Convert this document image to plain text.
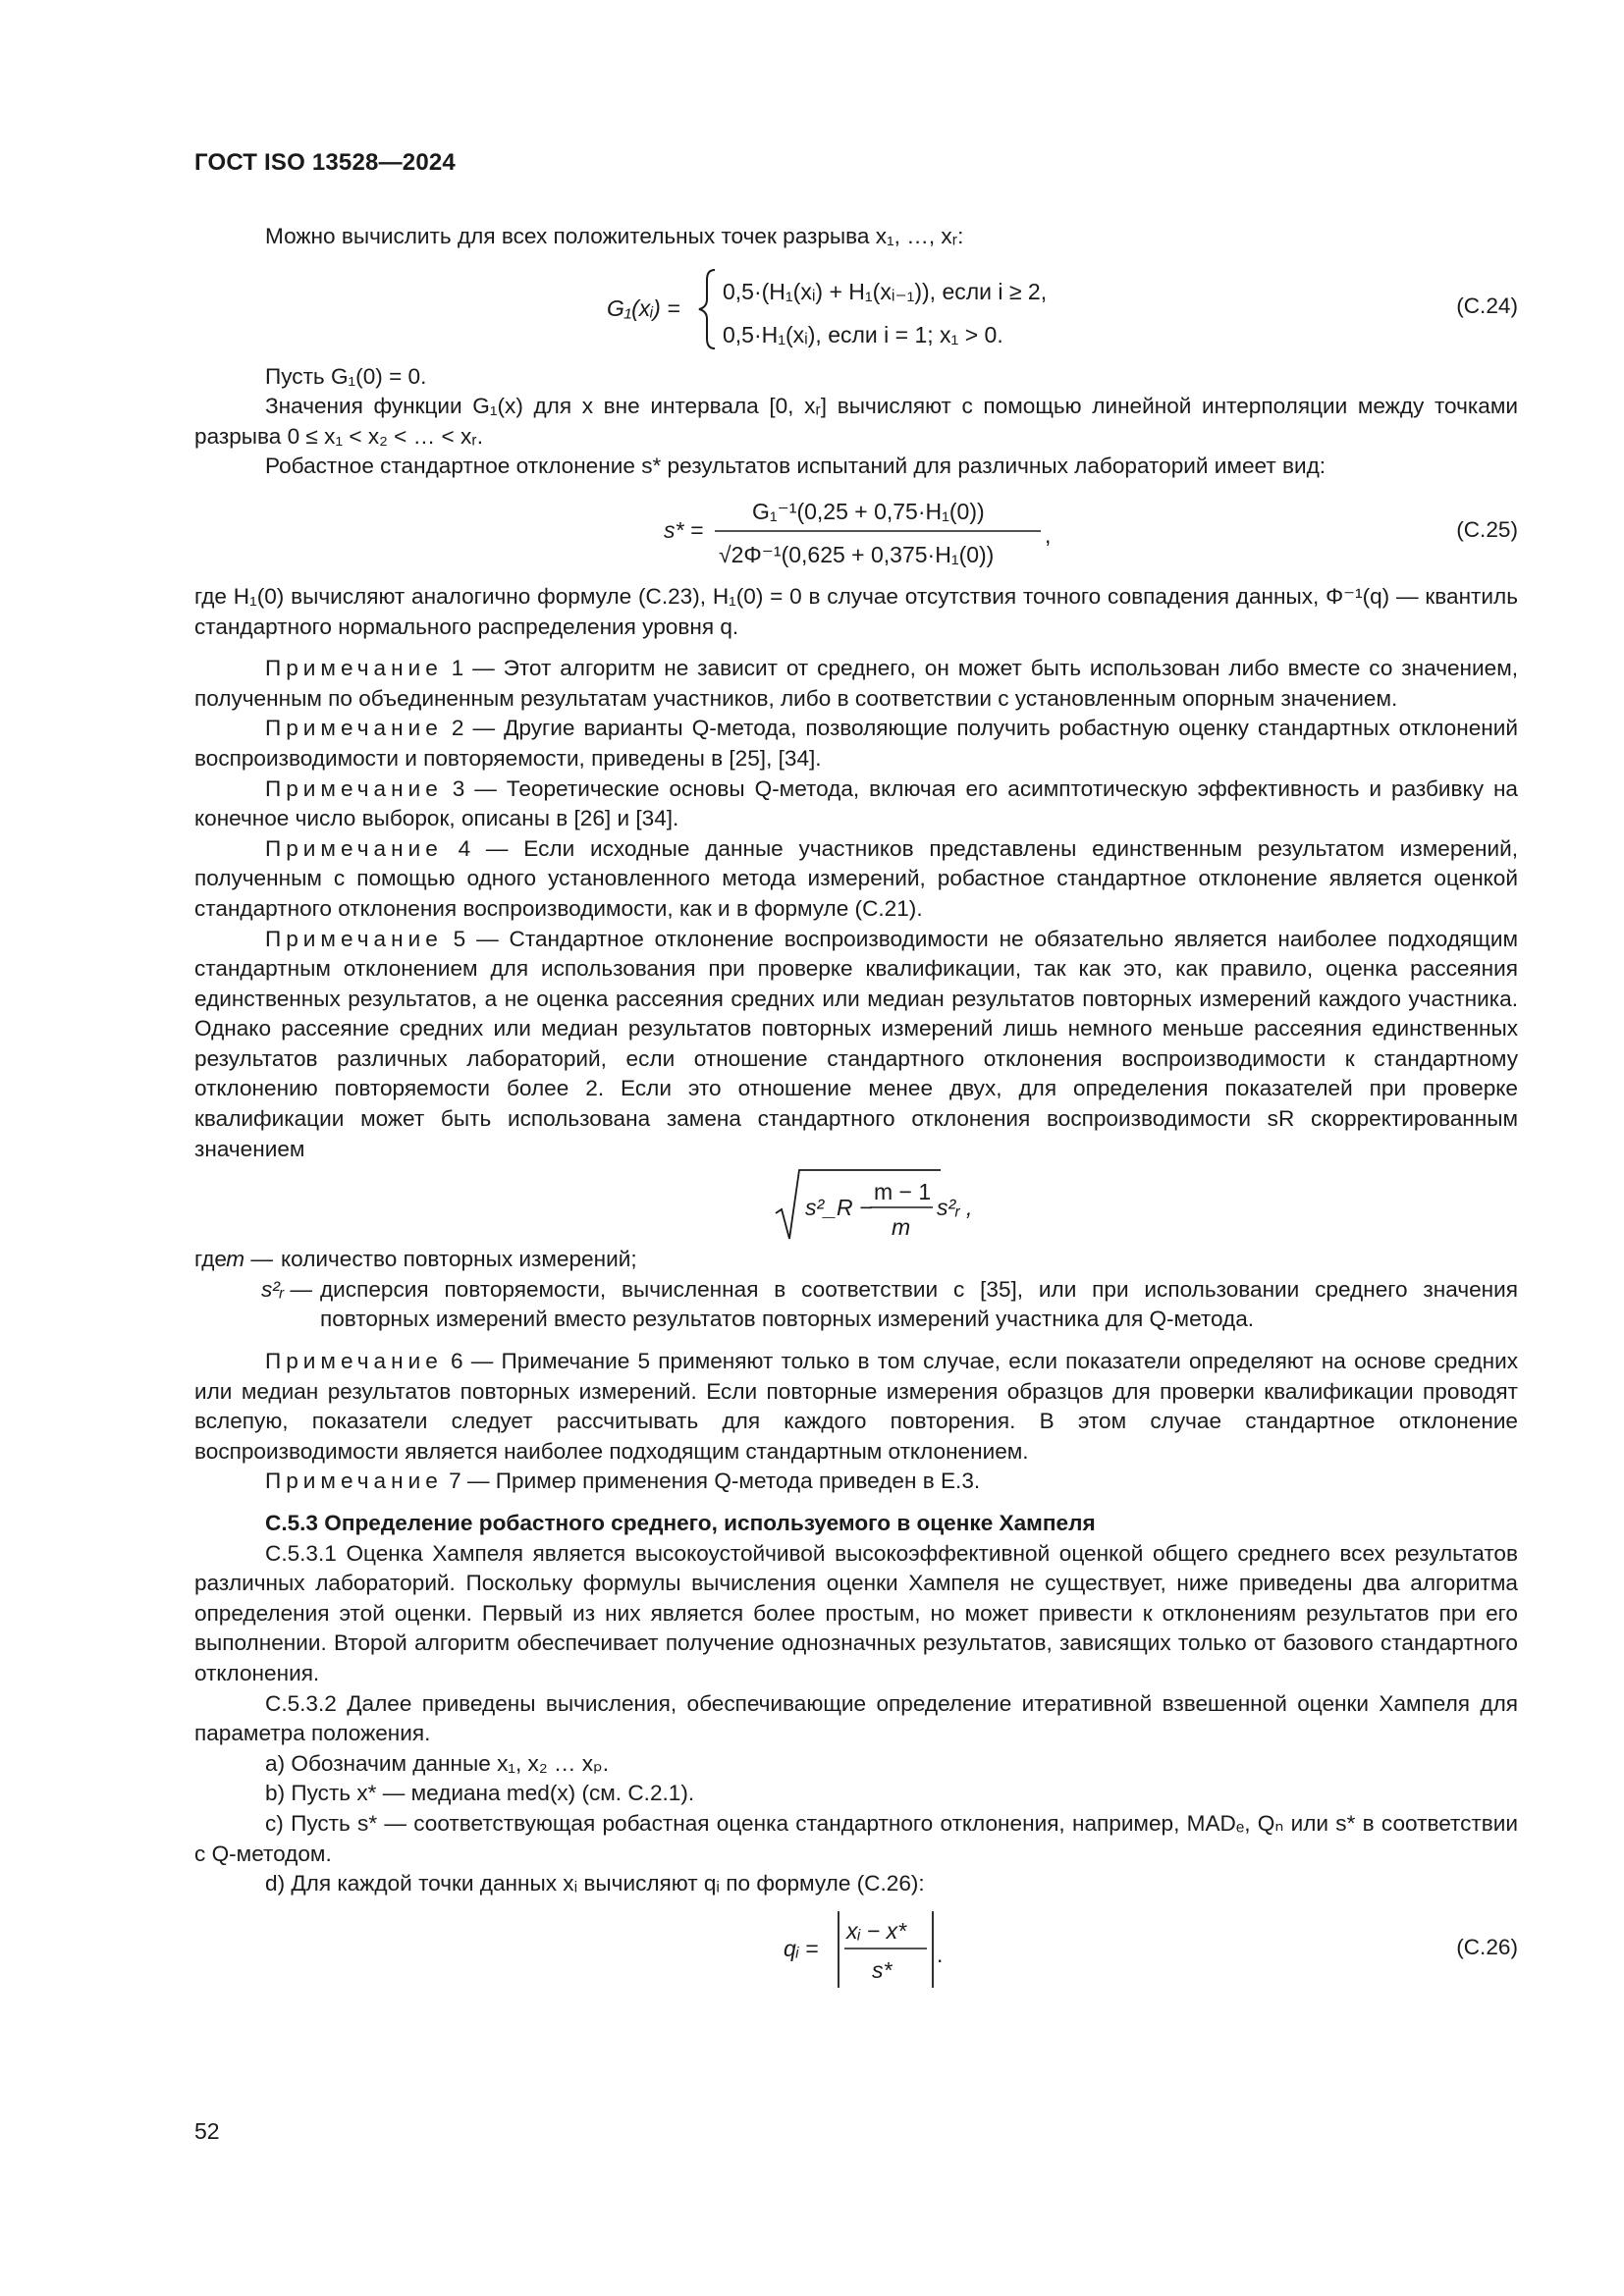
ГОСТ ISO 13528—2024

Можно вычислить для всех положительных точек разрыва x₁, …, xᵣ:

G₁(xᵢ) =
0,5·(H₁(xᵢ) + H₁(xᵢ₋₁)), если i ≥ 2,
0,5·H₁(xᵢ), если i = 1; x₁ > 0.
(C.24)

Пусть G₁(0) = 0.

Значения функции G₁(x) для x вне интервала [0, xᵣ] вычисляют с помощью линейной интерполяции между точками разрыва 0 ≤ x₁ < x₂ < … < xᵣ.

Робастное стандартное отклонение s* результатов испытаний для различных лабораторий имеет вид:

s* =
G₁⁻¹(0,25 + 0,75·H₁(0))
√2Φ⁻¹(0,625 + 0,375·H₁(0))
,	(C.25)

где H₁(0) вычисляют аналогично формуле (C.23), H₁(0) = 0 в случае отсутствия точного совпадения данных, Φ⁻¹(q) — квантиль стандартного нормального распределения уровня q.

Примечание 1 — Этот алгоритм не зависит от среднего, он может быть использован либо вместе со значением, полученным по объединенным результатам участников, либо в соответствии с установленным опорным значением.

Примечание 2 — Другие варианты Q-метода, позволяющие получить робастную оценку стандартных отклонений воспроизводимости и повторяемости, приведены в [25], [34].

Примечание 3 — Теоретические основы Q-метода, включая его асимптотическую эффективность и разбивку на конечное число выборок, описаны в [26] и [34].

Примечание 4 — Если исходные данные участников представлены единственным результатом измерений, полученным с помощью одного установленного метода измерений, робастное стандартное отклонение является оценкой стандартного отклонения воспроизводимости, как и в формуле (C.21).

Примечание 5 — Стандартное отклонение воспроизводимости не обязательно является наиболее подходящим стандартным отклонением для использования при проверке квалификации, так как это, как правило, оценка рассеяния единственных результатов, а не оценка рассеяния средних или медиан результатов повторных измерений каждого участника. Однако рассеяние средних или медиан результатов повторных измерений лишь немного меньше рассеяния единственных результатов различных лабораторий, если отношение стандартного отклонения воспроизводимости к стандартному отклонению повторяемости более 2. Если это отношение менее двух, для определения показателей при проверке квалификации может быть использована замена стандартного отклонения воспроизводимости sR скорректированным значением

s²_R −
m − 1
m
s²ᵣ ,
где m — количество повторных измерений;
s²ᵣ — дисперсия повторяемости, вычисленная в соответствии с [35], или при использовании среднего значения повторных измерений вместо результатов повторных измерений участника для Q-метода.

Примечание 6 — Примечание 5 применяют только в том случае, если показатели определяют на основе средних или медиан результатов повторных измерений. Если повторные измерения образцов для проверки квалификации проводят вслепую, показатели следует рассчитывать для каждого повторения. В этом случае стандартное отклонение воспроизводимости является наиболее подходящим стандартным отклонением.

Примечание 7 — Пример применения Q-метода приведен в Е.3.

С.5.3 Определение робастного среднего, используемого в оценке Хампеля

С.5.3.1 Оценка Хампеля является высокоустойчивой высокоэффективной оценкой общего среднего всех результатов различных лабораторий. Поскольку формулы вычисления оценки Хампеля не существует, ниже приведены два алгоритма определения этой оценки. Первый из них является более простым, но может привести к отклонениям результатов при его выполнении. Второй алгоритм обеспечивает получение однозначных результатов, зависящих только от базового стандартного отклонения.

С.5.3.2 Далее приведены вычисления, обеспечивающие определение итеративной взвешенной оценки Хампеля для параметра положения.

a) Обозначим данные x₁, x₂ … xₚ.

b) Пусть x* — медиана med(x) (см. С.2.1).

c) Пусть s* — соответствующая робастная оценка стандартного отклонения, например, MADₑ, Qₙ или s* в соответствии с Q-методом.

d) Для каждой точки данных xᵢ вычисляют qᵢ по формуле (C.26):

qᵢ =
xᵢ − x*
s*
.	(C.26)
52
